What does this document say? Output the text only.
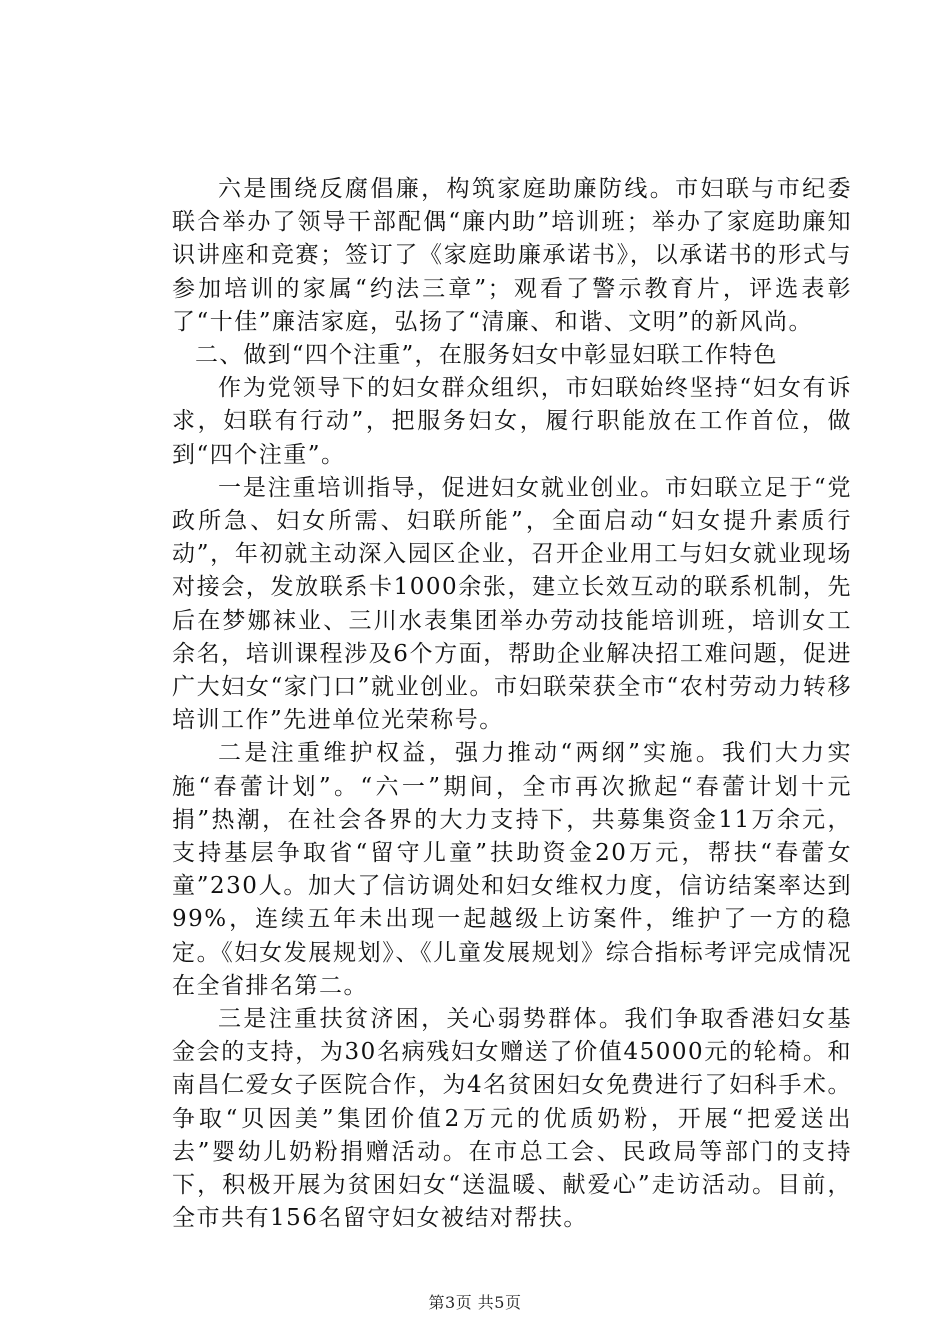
六是围绕反腐倡廉，构筑家庭助廉防线。市妇联与市纪委联合举办了领导干部配偶“廉内助”培训班；举办了家庭助廉知识讲座和竞赛；签订了《家庭助廉承诺书》，以承诺书的形式与参加培训的家属“约法三章”；观看了警示教育片，评选表彰了“十佳”廉洁家庭，弘扬了“清廉、和谐、文明”的新风尚。

二、做到“四个注重”，在服务妇女中彰显妇联工作特色

作为党领导下的妇女群众组织，市妇联始终坚持“妇女有诉求，妇联有行动”，把服务妇女，履行职能放在工作首位，做到“四个注重”。

一是注重培训指导，促进妇女就业创业。市妇联立足于“党政所急、妇女所需、妇联所能”，全面启动“妇女提升素质行动”，年初就主动深入园区企业，召开企业用工与妇女就业现场对接会，发放联系卡1000余张，建立长效互动的联系机制，先后在梦娜袜业、三川水表集团举办劳动技能培训班，培训女工余名，培训课程涉及6个方面，帮助企业解决招工难问题，促进广大妇女“家门口”就业创业。市妇联荣获全市“农村劳动力转移培训工作”先进单位光荣称号。

二是注重维护权益，强力推动“两纲”实施。我们大力实施“春蕾计划”。“六一”期间，全市再次掀起“春蕾计划十元捐”热潮，在社会各界的大力支持下，共募集资金11万余元，支持基层争取省“留守儿童”扶助资金20万元，帮扶“春蕾女童”230人。加大了信访调处和妇女维权力度，信访结案率达到99%，连续五年未出现一起越级上访案件，维护了一方的稳定。《妇女发展规划》、《儿童发展规划》综合指标考评完成情况在全省排名第二。

三是注重扶贫济困，关心弱势群体。我们争取香港妇女基金会的支持，为30名病残妇女赠送了价值45000元的轮椅。和南昌仁爱女子医院合作，为4名贫困妇女免费进行了妇科手术。争取“贝因美”集团价值2万元的优质奶粉，开展“把爱送出去”婴幼儿奶粉捐赠活动。在市总工会、民政局等部门的支持下，积极开展为贫困妇女“送温暖、献爱心”走访活动。目前，全市共有156名留守妇女被结对帮扶。

第3页 共5页
